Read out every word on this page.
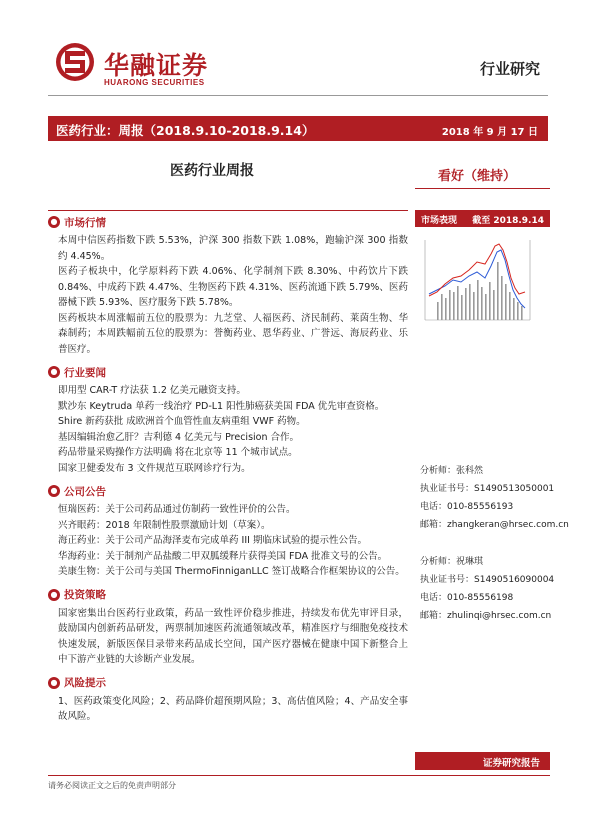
华融证券
HUARONG SECURITIES
行业研究
医药行业：周报（2018.9.10-2018.9.14）	2018 年 9 月 17 日
医药行业周报	看好（维持）
● 市场行情
本周中信医药指数下跌 5.53%，沪深 300 指数下跌 1.08%，跑输沪深 300 指数约 4.45%。
医药子板块中，化学原料药下跌 4.06%、化学制剂下跌 8.30%、中药饮片下跌 0.84%、中成药下跌 4.47%、生物医药下跌 4.31%、医药流通下跌 5.79%、医药器械下跌 5.93%、医疗服务下跌 5.78%。
医药板块本周涨幅前五位的股票为：九芝堂、人福医药、济民制药、莱茵生物、华森制药；本周跌幅前五位的股票为：誉衡药业、恩华药业、广誉远、海辰药业、乐普医疗。
● 行业要闻
即用型 CAR-T 疗法获 1.2 亿美元融资支持。
默沙东 Keytruda 单药一线治疗 PD-L1 阳性肺癌获美国 FDA 优先审查资格。
Shire 新药获批 成欧洲首个血管性血友病重组 VWF 药物。
基因编辑治愈乙肝？吉利德 4 亿美元与 Precision 合作。
药品带量采购操作方法明确 将在北京等 11 个城市试点。
国家卫健委发布 3 文件规范互联网诊疗行为。
● 公司公告
恒瑞医药： 关于公司药品通过仿制药一致性评价的公告。
兴齐眼药： 2018 年限制性股票激励计划（草案）。
海正药业： 关于公司产品海泽麦布完成单药 III 期临床试验的提示性公告。
华海药业： 关于制剂产品盐酸二甲双胍缓释片获得美国 FDA 批准文号的公告。
美康生物： 关于公司与美国 ThermoFinniganLLC 签订战略合作框架协议的公告。
● 投资策略
国家密集出台医药行业政策，药品一致性评价稳步推进，持续发布优先审评目录，鼓励国内创新药品研发，两票制加速医药流通领域改革，精准医疗与细胞免疫技术快速发展，新版医保目录带来药品成长空间，国产医疗器械在健康中国下新整合上中下游产业链的大诊断产业发展。
● 风险提示
1、医药政策变化风险；2、药品降价超预期风险；3、高估值风险；4、产品安全事故风险。
市场表现 截至 2018.9.14
分析师：张科然
执业证书号：S1490513050001
电话：010-85556193
邮箱：zhangkeran@hrsec.com.cn
分析师：祝琳琪
执业证书号：S1490516090004
电话：010-85556198
邮箱：zhulinqi@hrsec.com.cn
证券研究报告
请务必阅读正文之后的免责声明部分
